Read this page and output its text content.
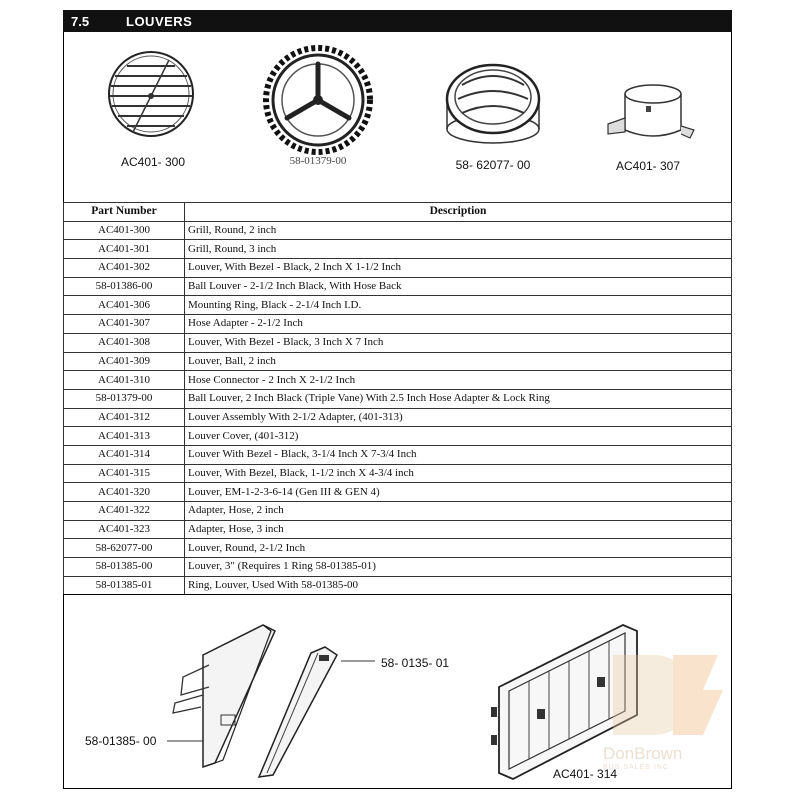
7.5	LOUVERS
AC401- 300	58-01379-00	58- 62077- 00	AC401- 307
Part Number	Description
AC401-300	Grill, Round, 2 inch
AC401-301	Grill, Round, 3 inch
AC401-302	Louver, With Bezel - Black, 2 Inch X 1-1/2 Inch
58-01386-00	Ball Louver - 2-1/2 Inch Black, With Hose Back
AC401-306	Mounting Ring, Black - 2-1/4 Inch I.D.
AC401-307	Hose Adapter - 2-1/2 Inch
AC401-308	Louver, With Bezel - Black, 3 Inch X 7 Inch
AC401-309	Louver, Ball, 2 inch
AC401-310	Hose Connector - 2 Inch X 2-1/2 Inch
58-01379-00	Ball Louver, 2 Inch Black (Triple Vane) With 2.5 Inch Hose Adapter & Lock Ring
AC401-312	Louver Assembly With 2-1/2 Adapter, (401-313)
AC401-313	Louver Cover, (401-312)
AC401-314	Louver With Bezel - Black, 3-1/4 Inch X 7-3/4 Inch
AC401-315	Louver, With Bezel, Black, 1-1/2 inch X 4-3/4 inch
AC401-320	Louver, EM-1-2-3-6-14 (Gen III & GEN 4)
AC401-322	Adapter, Hose, 2 inch
AC401-323	Adapter, Hose, 3 inch
58-62077-00	Louver, Round, 2-1/2 Inch
58-01385-00	Louver, 3" (Requires 1 Ring 58-01385-01)
58-01385-01	Ring, Louver, Used With 58-01385-00
58- 0135- 01
58-01385- 00
AC401- 314
DonBrown
BUS SALES INC
